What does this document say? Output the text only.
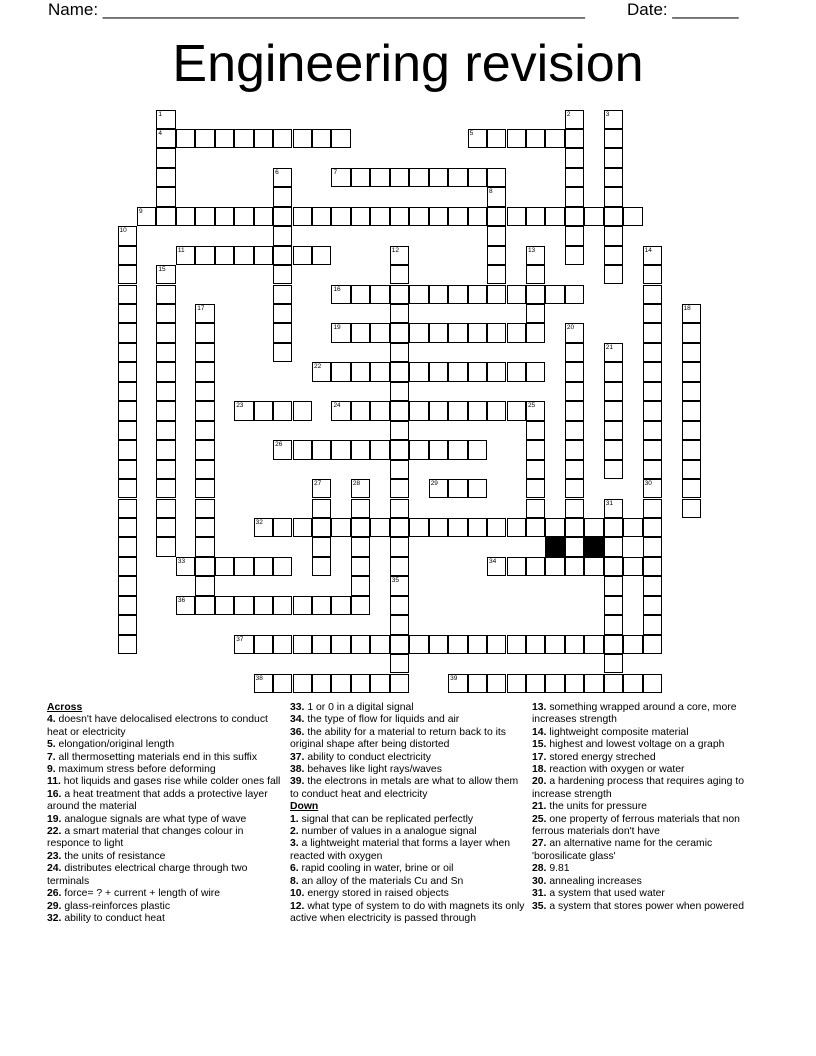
Name: ___________________________________________________ Date: _______
Engineering revision
1
4
2	3
5
6	7
8
9
10
11	12
35
13	14
15
16
17	18
19	20
21
22
23	24	25
26
27	28	29	30
31
32
33	34
36
37
38	39
Across
4. doesn't have delocalised electrons to conduct heat or electricity
5. elongation/original length
7. all thermosetting materials end in this suffix
9. maximum stress before deforming
11. hot liquids and gases rise while colder ones fall
16. a heat treatment that adds a protective layer around the material
19. analogue signals are what type of wave
22. a smart material that changes colour in responce to light
23. the units of resistance
24. distributes electrical charge through two terminals
26. force= ? + current + length of wire
29. glass-reinforces plastic
32. ability to conduct heat
33. 1 or 0 in a digital signal
34. the type of flow for liquids and air
36. the ability for a material to return back to its original shape after being distorted
37. ability to conduct electricity
38. behaves like light rays/waves
39. the electrons in metals are what to allow them to conduct heat and electricity
Down
1. signal that can be replicated perfectly
2. number of values in a analogue signal
3. a lightweight material that forms a layer when reacted with oxygen
6. rapid cooling in water, brine or oil
8. an alloy of the materials Cu and Sn
10. energy stored in raised objects
12. what type of system to do with magnets its only active when electricity is passed through
13. something wrapped around a core, more increases strength
14. lightweight composite material
15. highest and lowest voltage on a graph
17. stored energy streched
18. reaction with oxygen or water
20. a hardening process that requires aging to increase strength
21. the units for pressure
25. one property of ferrous materials that non ferrous materials don't have
27. an alternative name for the ceramic 'borosilicate glass'
28. 9.81
30. annealing increases
31. a system that used water
35. a system that stores power when powered
